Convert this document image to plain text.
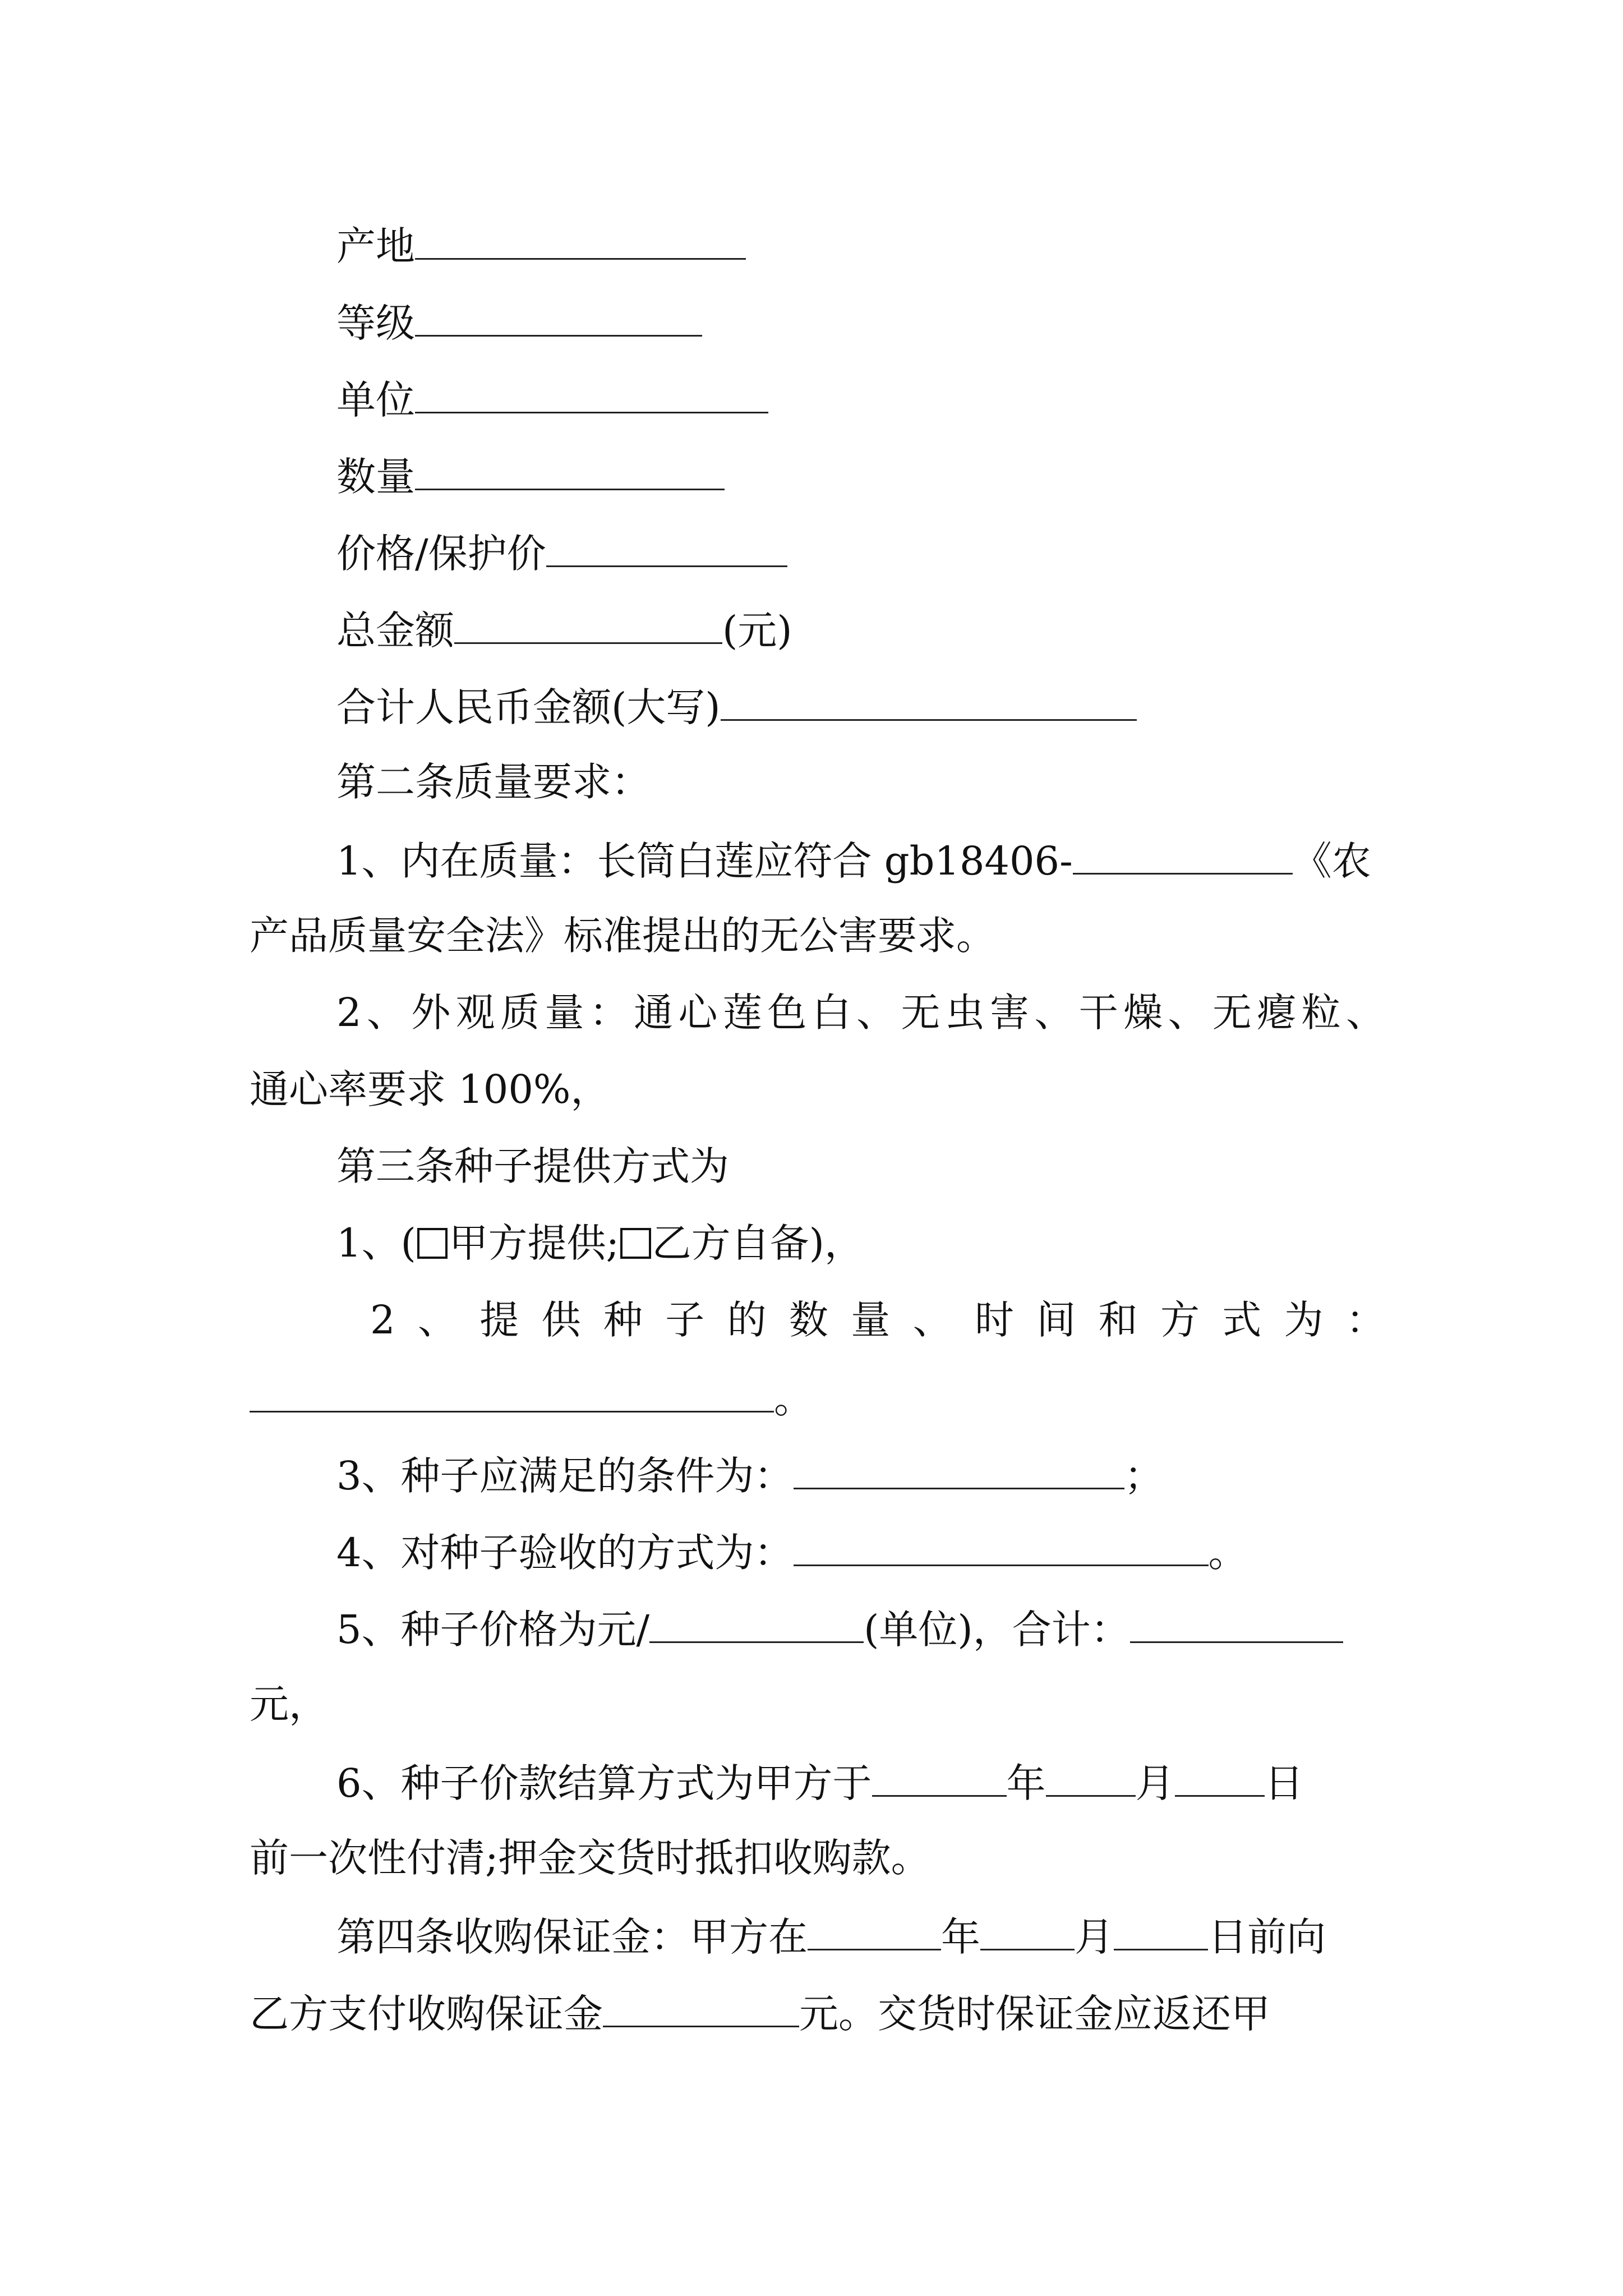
产地
等级
单位
数量
价格/保护价
总金额	(元)
合计人民币金额(大写)
第二条质量要求：
1、内在质量：长筒白莲应符合 gb18406-	《农
产品质量安全法》标准提出的无公害要求。
2、外观质量：通心莲色白、无虫害、干燥、无瘪粒、
通心率要求 100%，
第三条种子提供方式为
1、( 甲方提供; 乙方自备)，
2、提供种子的数量、时间和方式为：
。
3、种子应满足的条件为：	；
4、对种子验收的方式为：	。
5、种子价格为元/	(单位)，合计：
元，
6、种子价款结算方式为甲方于	年 月 日
前一次性付清;押金交货时抵扣收购款。
第四条收购保证金：甲方在	年 月 日前向
乙方支付收购保证金	元。交货时保证金应返还甲
